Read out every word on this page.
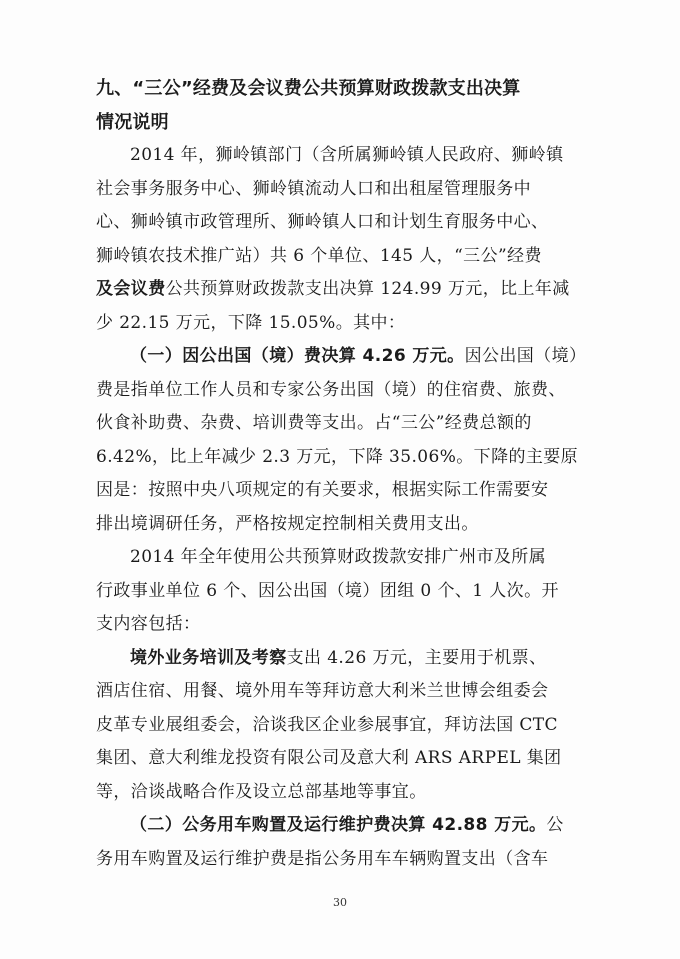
九、“三公”经费及会议费公共预算财政拨款支出决算
情况说明
2014 年，狮岭镇部门（含所属狮岭镇人民政府、狮岭镇
社会事务服务中心、狮岭镇流动人口和出租屋管理服务中
心、狮岭镇市政管理所、狮岭镇人口和计划生育服务中心、
狮岭镇农技术推广站）共 6 个单位、145 人，“三公”经费
及会议费公共预算财政拨款支出决算 124.99 万元，比上年减
少 22.15 万元，下降 15.05%。其中：
（一）因公出国（境）费决算 4.26 万元。因公出国（境）
费是指单位工作人员和专家公务出国（境）的住宿费、旅费、
伙食补助费、杂费、培训费等支出。占“三公”经费总额的
6.42%，比上年减少 2.3 万元，下降 35.06%。下降的主要原
因是：按照中央八项规定的有关要求，根据实际工作需要安
排出境调研任务，严格按规定控制相关费用支出。
2014 年全年使用公共预算财政拨款安排广州市及所属
行政事业单位 6 个、因公出国（境）团组 0 个、1 人次。开
支内容包括：
境外业务培训及考察支出 4.26 万元，主要用于机票、
酒店住宿、用餐、境外用车等拜访意大利米兰世博会组委会
皮革专业展组委会，洽谈我区企业参展事宜，拜访法国 CTC
集团、意大利维龙投资有限公司及意大利 ARS ARPEL 集团
等，洽谈战略合作及设立总部基地等事宜。
（二）公务用车购置及运行维护费决算 42.88 万元。公
务用车购置及运行维护费是指公务用车车辆购置支出（含车
30
